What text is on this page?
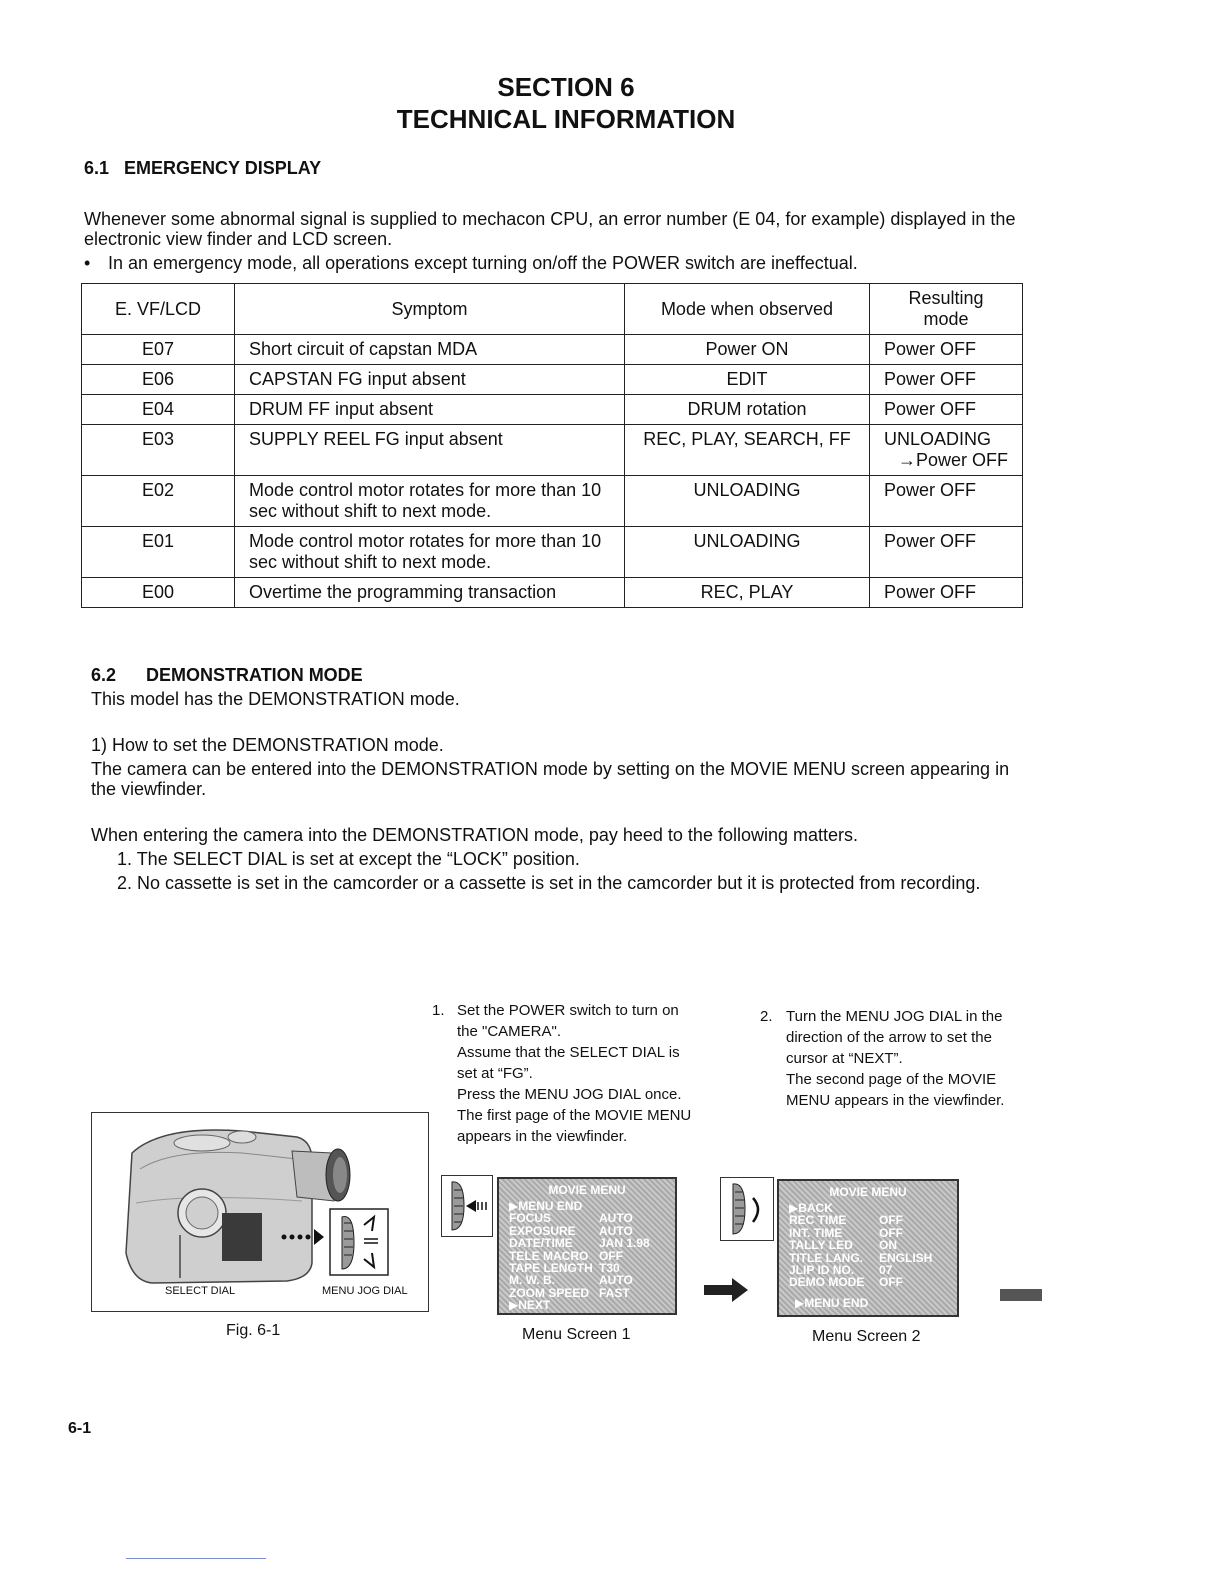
SECTION 6
TECHNICAL INFORMATION
6.1   EMERGENCY DISPLAY
Whenever some abnormal signal is supplied to mechacon CPU, an error number (E 04, for example) displayed in the
electronic view finder and LCD screen.
• In an emergency mode, all operations except turning on/off the POWER switch are ineffectual.
E. VF/LCD	Symptom	Mode when observed	Resulting mode
E07	Short circuit of capstan MDA	Power ON	Power OFF
E06	CAPSTAN FG input absent	EDIT	Power OFF
E04	DRUM FF input absent	DRUM rotation	Power OFF
E03	SUPPLY REEL FG input absent	REC, PLAY, SEARCH, FF	UNLOADING
→Power OFF

E02	Mode control motor rotates for more than 10 sec without shift to next mode.	UNLOADING	Power OFF
E01	Mode control motor rotates for more than 10 sec without shift to next mode.	UNLOADING	Power OFF
E00	Overtime the programming transaction	REC, PLAY	Power OFF
6.2      DEMONSTRATION MODE
This model has the DEMONSTRATION mode.
1) How to set the DEMONSTRATION mode.
The camera can be entered into the DEMONSTRATION mode by setting on the MOVIE MENU screen appearing in
the viewfinder.
When entering the camera into the DEMONSTRATION mode, pay heed to the following matters.
1. The SELECT DIAL is set at except the “LOCK” position.
2. No cassette is set in the camcorder or a cassette is set in the camcorder but it is protected from recording.
1. Set the POWER switch to turn on
the "CAMERA".
Assume that the SELECT DIAL is
set at “FG”.
Press the MENU JOG DIAL once.
The first page of the MOVIE MENU
appears in the viewfinder.
2. Turn the MENU JOG DIAL in the
direction of the arrow to set the
cursor at “NEXT”.
The second page of the MOVIE
MENU appears in the viewfinder.
SELECT DIAL	MENU JOG DIAL
Fig. 6-1
MOVIE MENU
▶MENU END
FOCUS	AUTO
EXPOSURE	AUTO
DATE/TIME	JAN 1.98
TELE MACRO OFF
TAPE LENGTH T30
M. W. B.	AUTO
ZOOM SPEED FAST
▶NEXT
Menu Screen 1
MOVIE MENU
▶BACK
REC TIME	OFF
INT. TIME	OFF
TALLY LED	ON
TITLE LANG.	ENGLISH
JLIP ID NO.	07
DEMO MODE	OFF
▶MENU END
Menu Screen 2
6-1
